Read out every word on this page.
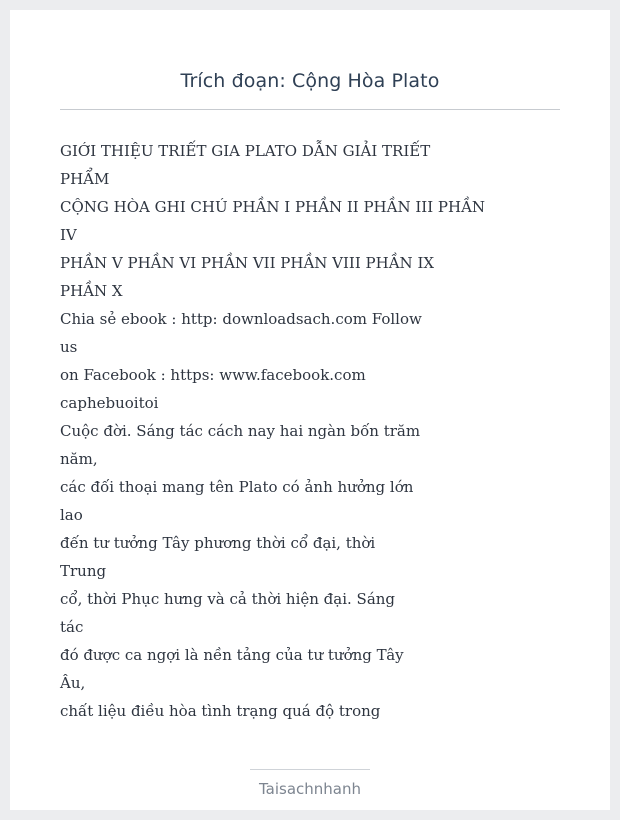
Trích đoạn: Cộng Hòa Plato
GIỚI THIỆU TRIẾT GIA PLATO DẪN GIẢI TRIẾT
PHẨM
CỘNG HÒA GHI CHÚ PHẦN I PHẦN II PHẦN III PHẦN
IV
PHẦN V PHẦN VI PHẦN VII PHẦN VIII PHẦN IX
PHẦN X
Chia sẻ ebook : http: downloadsach.com Follow
us
on Facebook : https: www.facebook.com
caphebuoitoi
Cuộc đời. Sáng tác cách nay hai ngàn bốn trăm
năm,
các đối thoại mang tên Plato có ảnh hưởng lớn
lao
đến tư tưởng Tây phương thời cổ đại, thời
Trung
cổ, thời Phục hưng và cả thời hiện đại. Sáng
tác
đó được ca ngợi là nền tảng của tư tưởng Tây
Âu,
chất liệu điều hòa tình trạng quá độ trong
Taisachnhanh
